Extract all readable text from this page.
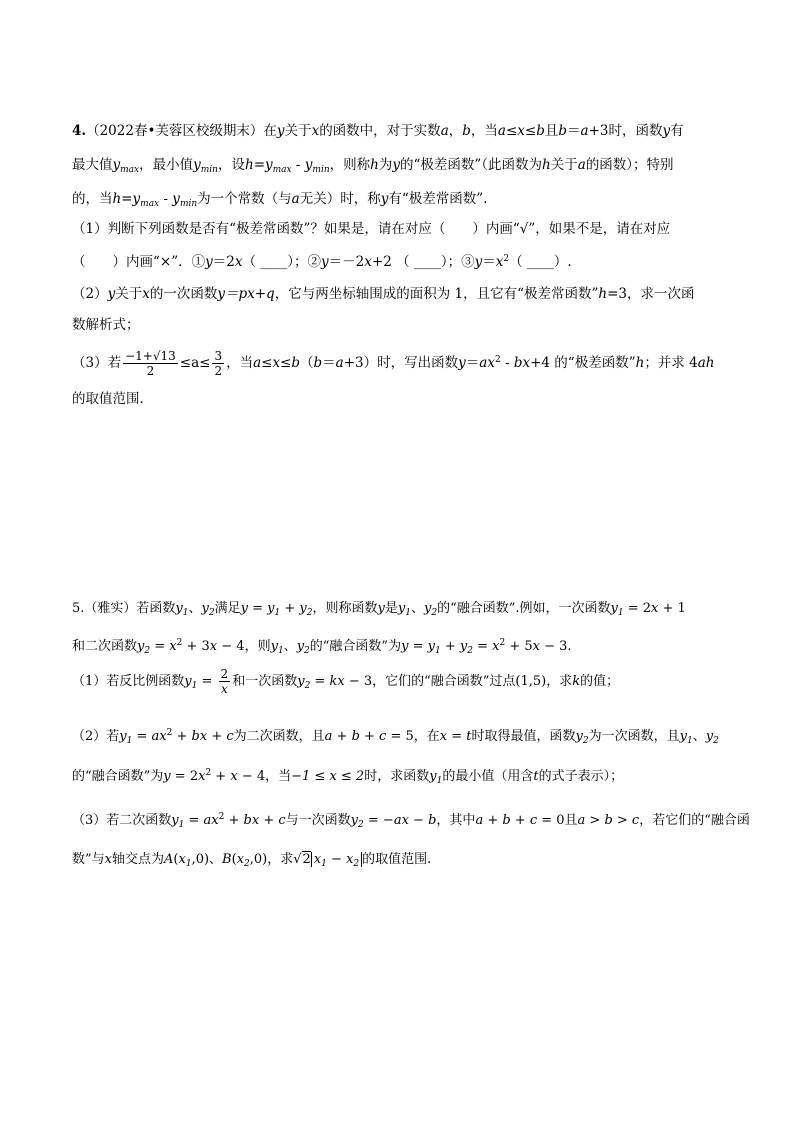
4.（2022春•芙蓉区校级期末）在y关于x的函数中，对于实数a，b，当a≤x≤b且b＝a+3时，函数y有
最大值$y_{max}$，最小值$y_{min}$，设$h=y_{max} - y_{min}$，则称h为y的“极差函数”（此函数为h关于a的函数）；特别
的，当$h=y_{max} - y_{min}$为一个常数（与a无关）时，称y有“极差常函数”.
（1）判断下列函数是否有“极差常函数”？如果是，请在对应（　　）内画“√”，如果不是，请在对应
（　　）内画“×”．①y＝2x（ ____）；②y＝－2x+2 （ ____）；$③y=x^2$（ ____）.
（2）y关于x的一次函数y＝px+q，它与两坐标轴围成的面积为 1，且它有“极差常函数”h=3，求一次函
数解析式；
（3）若 $\frac{-1+√13}{2} \le a\le \frac{3}{2}$ ，当a≤x≤b（b＝a+3）时，写出函数$y=ax^2 - bx+4$ 的“极差函数”h；并求 4ah
的取值范围．
5.（雅实）若函数$y_1$、$y_2$满足$y = y_1 + y_2$，则称函数y是$y_1$、$y_2$的“融合函数”.例如，一次函数$y_1 = 2x + 1$
和二次函数$y_2 = x^2 + 3x - 4$，则$y_1$、$y_2$的“融合函数”为$y = y_1 + y_2 = x^2 + 5x - 3$.
（1）若反比例函数$y_1 = \frac{2}{x}$ 和一次函数$y_2$ = kx − 3，它们的“融合函数”过点(1,5)，求k的值；
（2）若$y_1 = ax^2$ + bx + c为二次函数，且a + b + c = 5，在x = t时取得最值，函数$y_2$为一次函数，且$y_1$、$y_2$
的“融合函数”为$y = 2x^2 + x - 4$，当−1 ≤ x ≤ 2时，求函数$y_1$的最小值（用含t的式子表示）；
（3）若二次函数$y_1 = ax^2$ + bx + c与一次函数$y_2 = -ax - b$，其中a + b + c = 0且a > b > c，若它们的“融合函
数”与x轴交点为$A(x_1,0)$、$B(x_2,0)$，求√2 $x_1 - x_2$ 的取值范围.
